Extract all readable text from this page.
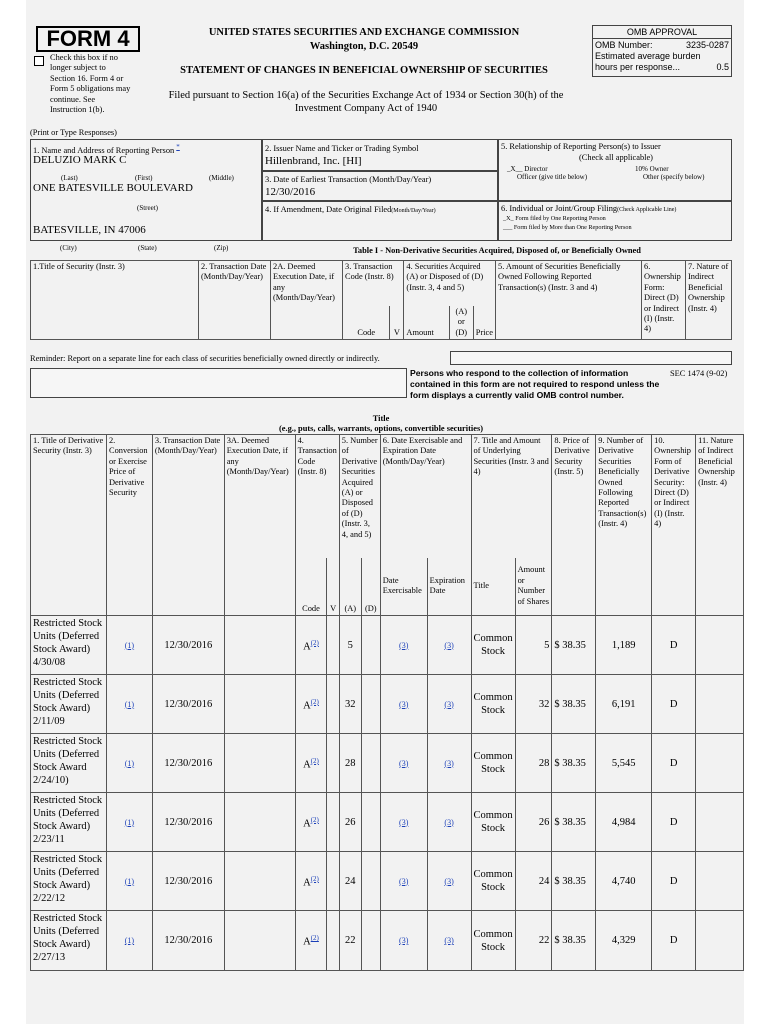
FORM 4
Check this box if no longer subject to Section 16. Form 4 or Form 5 obligations may continue. See Instruction 1(b).
UNITED STATES SECURITIES AND EXCHANGE COMMISSION
Washington, D.C. 20549
STATEMENT OF CHANGES IN BENEFICIAL OWNERSHIP OF SECURITIES
Filed pursuant to Section 16(a) of the Securities Exchange Act of 1934 or Section 30(h) of the Investment Company Act of 1940
OMB APPROVAL
OMB Number:	3235-0287

Estimated average burden
hours per response...	0.5
(Print or Type Responses)
1. Name and Address of Reporting Person *
DELUZIO MARK C
(Last)	(First)	(Middle)
ONE BATESVILLE BOULEVARD
(Street)
BATESVILLE, IN 47006
(City)	(State)	(Zip)
2. Issuer Name and Ticker or Trading Symbol
Hillenbrand, Inc. [HI]
3. Date of Earliest Transaction (Month/Day/Year)
12/30/2016
4. If Amendment, Date Original Filed(Month/Day/Year)
5. Relationship of Reporting Person(s) to Issuer
(Check all applicable)
_X__ Director	10% Owner
Officer (give title below)	Other (specify below)
6. Individual or Joint/Group Filing(Check Applicable Line)
_X_ Form filed by One Reporting Person
___ Form filed by More than One Reporting Person
Table I - Non-Derivative Securities Acquired, Disposed of, or Beneficially Owned
1.Title of Security (Instr. 3)	2. Transaction Date (Month/Day/Year)	2A. Deemed Execution Date, if any (Month/Day/Year)	3. Transaction Code (Instr. 8)		4. Securities Acquired (A) or Disposed of (D) (Instr. 3, 4 and 5)			5. Amount of Securities Beneficially Owned Following Reported Transaction(s) (Instr. 3 and 4)	6. Ownership Form: Direct (D) or Indirect (I) (Instr. 4)	7. Nature of Indirect Beneficial Ownership (Instr. 4)
			Code	V	Amount	(A) or (D)	Price			
Reminder: Report on a separate line for each class of securities beneficially owned directly or indirectly.
Persons who respond to the collection of information contained in this form are not required to respond unless the form displays a currently valid OMB control number.
SEC 1474 (9-02)
Title
(e.g., puts, calls, warrants, options, convertible securities)
1. Title of Derivative Security (Instr. 3)	2. Conversion or Exercise Price of Derivative Security	3. Transaction Date (Month/Day/Year)	3A. Deemed Execution Date, if any (Month/Day/Year)	4. Transaction Code (Instr. 8)		5. Number of Derivative Securities Acquired (A) or Disposed of (D) (Instr. 3, 4, and 5)		6. Date Exercisable and Expiration Date (Month/Day/Year)		7. Title and Amount of Underlying Securities (Instr. 3 and 4)		8. Price of Derivative Security (Instr. 5)	9. Number of Derivative Securities Beneficially Owned Following Reported Transaction(s) (Instr. 4)	10. Ownership Form of Derivative Security: Direct (D) or Indirect (I) (Instr. 4)	11. Nature of Indirect Beneficial Ownership (Instr. 4)
				Code	V	(A)	(D)	Date Exercisable	Expiration Date	Title	Amount or Number of Shares				
Restricted Stock Units (Deferred Stock Award) 4/30/08	(1)	12/30/2016		A$^{(2)}$		5		(3)	(3)	Common Stock	5	$ 38.35	1,189	D	
Restricted Stock Units (Deferred Stock Award) 2/11/09	(1)	12/30/2016		A$^{(2)}$		32		(3)	(3)	Common Stock	32	$ 38.35	6,191	D	
Restricted Stock Units (Deferred Stock Award 2/24/10)	(1)	12/30/2016		A$^{(2)}$		28		(3)	(3)	Common Stock	28	$ 38.35	5,545	D	
Restricted Stock Units (Deferred Stock Award) 2/23/11	(1)	12/30/2016		A$^{(2)}$		26		(3)	(3)	Common Stock	26	$ 38.35	4,984	D	
Restricted Stock Units (Deferred Stock Award) 2/22/12	(1)	12/30/2016		A$^{(2)}$		24		(3)	(3)	Common Stock	24	$ 38.35	4,740	D	
Restricted Stock Units (Deferred Stock Award) 2/27/13	(1)	12/30/2016		A$^{(2)}$		22		(3)	(3)	Common Stock	22	$ 38.35	4,329	D	
